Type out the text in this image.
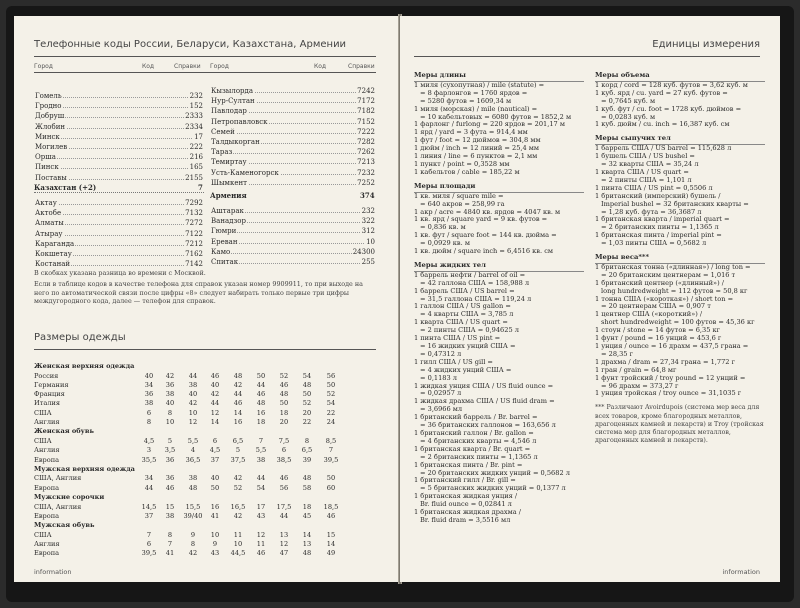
Телефонные коды России, Беларуси, Казахстана, Армении
Город	Код	Справки Город	Код	Справки
Гомель	232
Гродно	152
Добруш	2333
Жлобин	2334
Минск	17
Могилев	222
Орша	216
Пинск	165
Поставы	2155
Кызылорда	7242
Нур-Султан	7172
Павлодар	7182
Петропавловск	7152
Семей	7222
Талдыкорган	7282
Тараз	7262
Темиртау	7213
Усть-Каменогорск	7232
Шымкент	7252
Казахстан (+2)	7
Армения	374
Актау	7292
Актобе	7132
Алматы	7272
Атырау	7122
Караганда	7212
Кокшетау	7162
Костанай	7142
Аштарак	232
Ванадзор	322
Гюмри	312
Ереван	10
Камо	24300
Спитак	255
В скобках указана разница во времени с Москвой.
Если в таблице кодов в качестве телефона для справок указан номер 9909911, то при выходе на него по автоматической связи после цифры «8» следует набирать только первые три цифры междугородного кода, далее — телефон для справок.
Размеры одежды
Женская верхняя одежда
Россия	40	42	44	46	48	50	52	54	56
Германия	34	36	38	40	42	44	46	48	50
Франция	36	38	40	42	44	46	48	50	52
Италия	38	40	42	44	46	48	50	52	54
США	6	8	10	12	14	16	18	20	22
Англия	8	10	12	14	16	18	20	22	24
Женская обувь
США	4,5	5	5,5	6	6,5	7	7,5	8	8,5
Англия	3	3,5	4	4,5	5	5,5	6	6,5	7
Европа	35,5	36	36,5	37	37,5	38	38,5	39	39,5
Мужская верхняя одежда
США, Англия	34	36	38	40	42	44	46	48	50
Европа	44	46	48	50	52	54	56	58	60
Мужские сорочки
США, Англия	14,5	15	15,5	16	16,5	17	17,5	18	18,5
Европа	37	38	39/40	41	42	43	44	45	46
Мужская обувь
США	7	8	9	10	11	12	13	14	15
Англия	6	7	8	9	10	11	12	13	14
Европа	39,5	41	42	43	44,5	46	47	48	49
information
Единицы измерения
Меры длины
1 миля (сухопутная) / mile (statute) =
= 8 фарлонгов = 1760 ярдов =
= 5280 футов = 1609,34 м
1 миля (морская) / mile (nautical) =
= 10 кабельтовых = 6080 футов = 1852,2 м
1 фарлонг / furlong = 220 ярдов = 201,17 м
1 ярд / yard = 3 фута = 914,4 мм
1 фут / foot = 12 дюймов = 304,8 мм
1 дюйм / inch = 12 линий = 25,4 мм
1 линия / line = 6 пунктов = 2,1 мм
1 пункт / point = 0,3528 мм
1 кабельтов / cable = 185,22 м
Меры площади
1 кв. миля / square mile =
= 640 акров = 258,99 га
1 акр / acre = 4840 кв. ярдов = 4047 кв. м
1 кв. ярд / square yard = 9 кв. футов =
= 0,836 кв. м
1 кв. фут / square foot = 144 кв. дюйма =
= 0,0929 кв. м
1 кв. дюйм / square inch = 6,4516 кв. см
Меры жидких тел
1 баррель нефти / barrel of oil =
= 42 галлона США = 158,988 л
1 баррель США / US barrel =
= 31,5 галлона США = 119,24 л
1 галлон США / US gallon =
= 4 кварты США = 3,785 л
1 кварта США / US quart =
= 2 пинты США = 0,94625 л
1 пинта США / US pint =
= 16 жидких унций США =
= 0,47312 л
1 гилл США / US gill =
= 4 жидких унций США =
= 0,1183 л
1 жидкая унция США / US fluid ounce =
= 0,02957 л
1 жидкая драхма США / US fluid dram =
= 3,6966 мл
1 британский баррель / Br. barrel =
= 36 британских галлонов = 163,656 л
1 британский галлон / Br. gallon =
= 4 британских кварты = 4,546 л
1 британская кварта / Br. quart =
= 2 британских пинты = 1,1365 л
1 британская пинта / Br. pint =
= 20 британских жидких унций = 0,5682 л
1 британский гилл / Br. gill =
= 5 британских жидких унций = 0,1377 л
1 британская жидкая унция /
Br. fluid ounce = 0,02841 л
1 британская жидкая драхма /
Br. fluid dram = 3,5516 мл
Меры объема
1 корд / cord = 128 куб. футов = 3,62 куб. м
1 куб. ярд / cu. yard = 27 куб. футов =
= 0,7645 куб. м
1 куб. фут / cu. foot = 1728 куб. дюймов =
= 0,0283 куб. м
1 куб. дюйм / cu. inch = 16,387 куб. см
Меры сыпучих тел
1 баррель США / US barrel = 115,628 л
1 бушель США / US bushel =
= 32 кварты США = 35,24 л
1 кварта США / US quart =
= 2 пинты США = 1,101 л
1 пинта США / US pint = 0,5506 л
1 британский (имперский) бушель /
Imperial bushel = 32 британских кварты =
= 1,28 куб. фута = 36,3687 л
1 британская кварта / imperial quart =
= 2 британских пинты = 1,1365 л
1 британская пинта / imperial pint =
= 1,03 пинты США = 0,5682 л
Меры веса***
1 британская тонна («длинная») / long ton =
= 20 британским центнерам = 1,016 т
1 британский центнер («длинный») /
long hundredweight = 112 футов = 50,8 кг
1 тонна США («короткая») / short ton =
= 20 центнерам США = 0,907 т
1 центнер США («короткий») /
short hundredweight = 100 футов = 45,36 кг
1 стоун / stone = 14 футов = 6,35 кг
1 фунт / pound = 16 унций = 453,6 г
1 унция / ounce = 16 драхм = 437,5 грана =
= 28,35 г
1 драхма / dram = 27,34 грана = 1,772 г
1 гран / grain = 64,8 мг
1 фунт тройский / troy pound = 12 унций =
= 96 драхм = 373,27 г
1 унция тройская / troy ounce = 31,1035 г
*** Различают Avoirdupois (система мер веса для всех товаров, кроме благородных металлов, драгоценных камней и лекарств) и Troy (тройская система мер для благородных металлов, драгоценных камней и лекарств).
information
